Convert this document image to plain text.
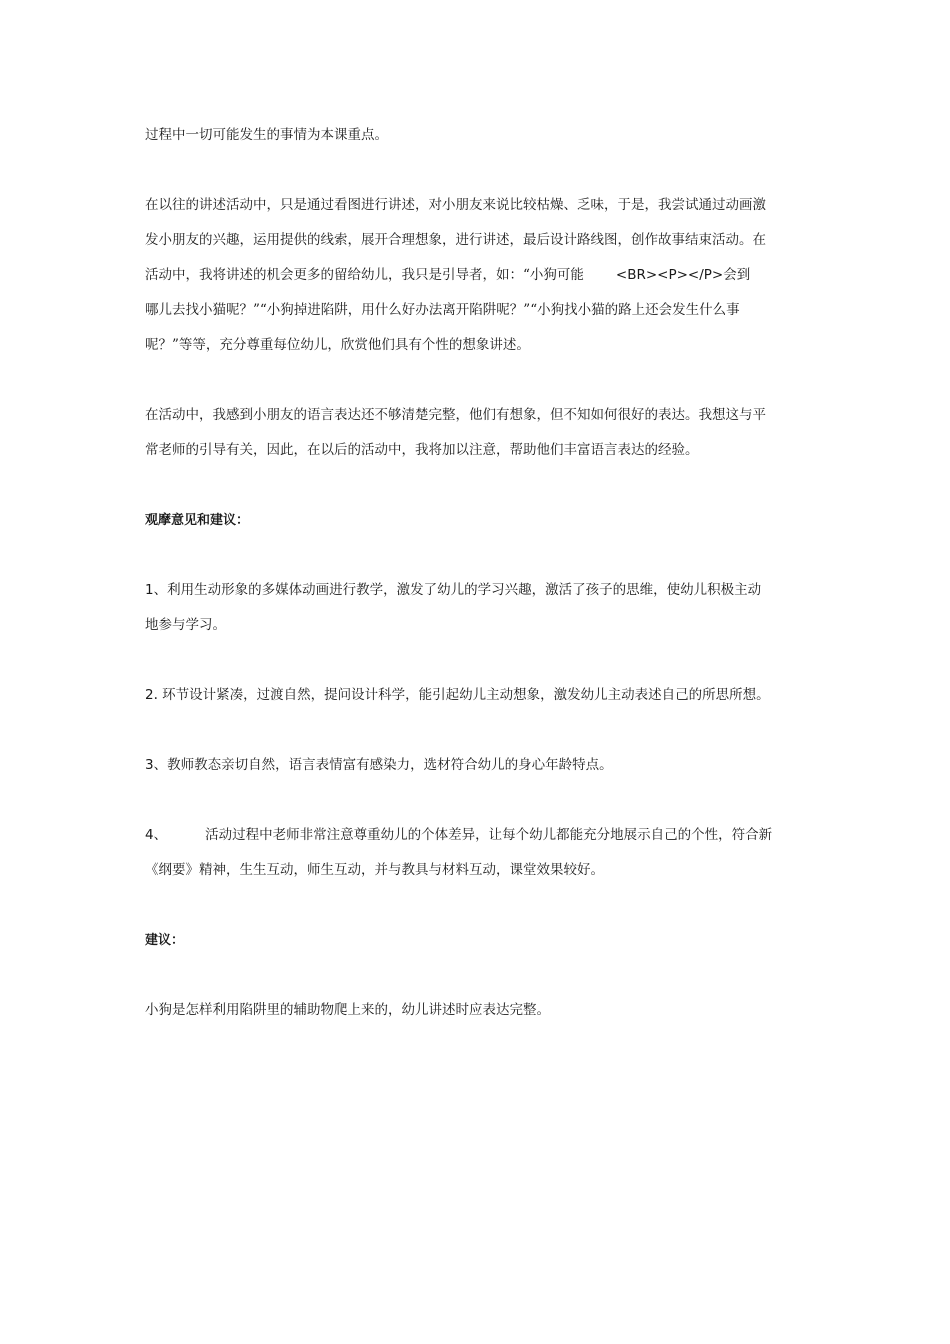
过程中一切可能发生的事情为本课重点。

在以往的讲述活动中，只是通过看图进行讲述，对小朋友来说比较枯燥、乏味，于是，我尝试通过动画激

发小朋友的兴趣，运用提供的线索，展开合理想象，进行讲述，最后设计路线图，创作故事结束活动。在

活动中，我将讲述的机会更多的留给幼儿，我只是引导者，如：“小狗可能 <BR><P></P>会到

哪儿去找小猫呢？”“小狗掉进陷阱，用什么好办法离开陷阱呢？”“小狗找小猫的路上还会发生什么事

呢？”等等，充分尊重每位幼儿，欣赏他们具有个性的想象讲述。

在活动中，我感到小朋友的语言表达还不够清楚完整，他们有想象，但不知如何很好的表达。我想这与平

常老师的引导有关，因此，在以后的活动中，我将加以注意，帮助他们丰富语言表达的经验。

观摩意见和建议：

1、利用生动形象的多媒体动画进行教学，激发了幼儿的学习兴趣，激活了孩子的思维，使幼儿积极主动

地参与学习。

2. 环节设计紧凑，过渡自然，提问设计科学，能引起幼儿主动想象，激发幼儿主动表述自己的所思所想。

3、教师教态亲切自然，语言表情富有感染力，选材符合幼儿的身心年龄特点。

4、	活动过程中老师非常注意尊重幼儿的个体差异，让每个幼儿都能充分地展示自己的个性，符合新

《纲要》精神，生生互动，师生互动，并与教具与材料互动，课堂效果较好。

建议：

小狗是怎样利用陷阱里的辅助物爬上来的，幼儿讲述时应表达完整。
